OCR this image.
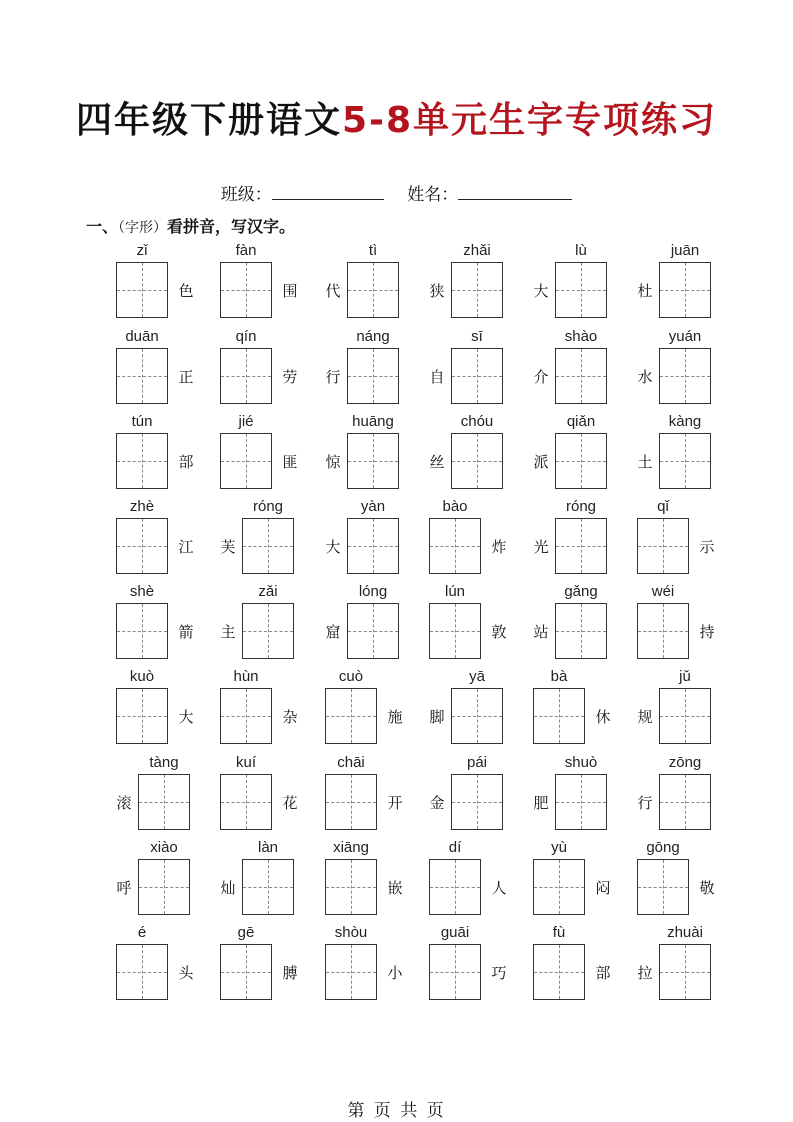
四年级下册语文5-8单元生字专项练习
班级：	姓名：
一、（字形）看拼音，写汉字。
zǐ
色
fàn
围
tì
代
zhǎi
狭
lù
大
juān
杜
duān
正
qín
劳
náng
行
sī
自
shào
介
yuán
水
tún
部
jié
匪
huāng
惊
chóu
丝
qiǎn
派
kàng
土
zhè
江
róng
芙
yàn
大
bào
炸
róng
光
qǐ
示
shè
箭
zǎi
主
lóng
窟
lún
敦
gǎng
站
wéi
持
kuò
大
hùn
杂
cuò
施
yā
脚
bà
休
jǔ
规
tàng
滚
kuí
花
chāi
开
pái
金
shuò
肥
zōng
行
xiào
呼
làn
灿
xiāng
嵌
dí
人
yù
闷
gōng
敬
é
头
gē
膊
shòu
小
guāi
巧
fù
部
zhuài
拉
第 页 共 页
